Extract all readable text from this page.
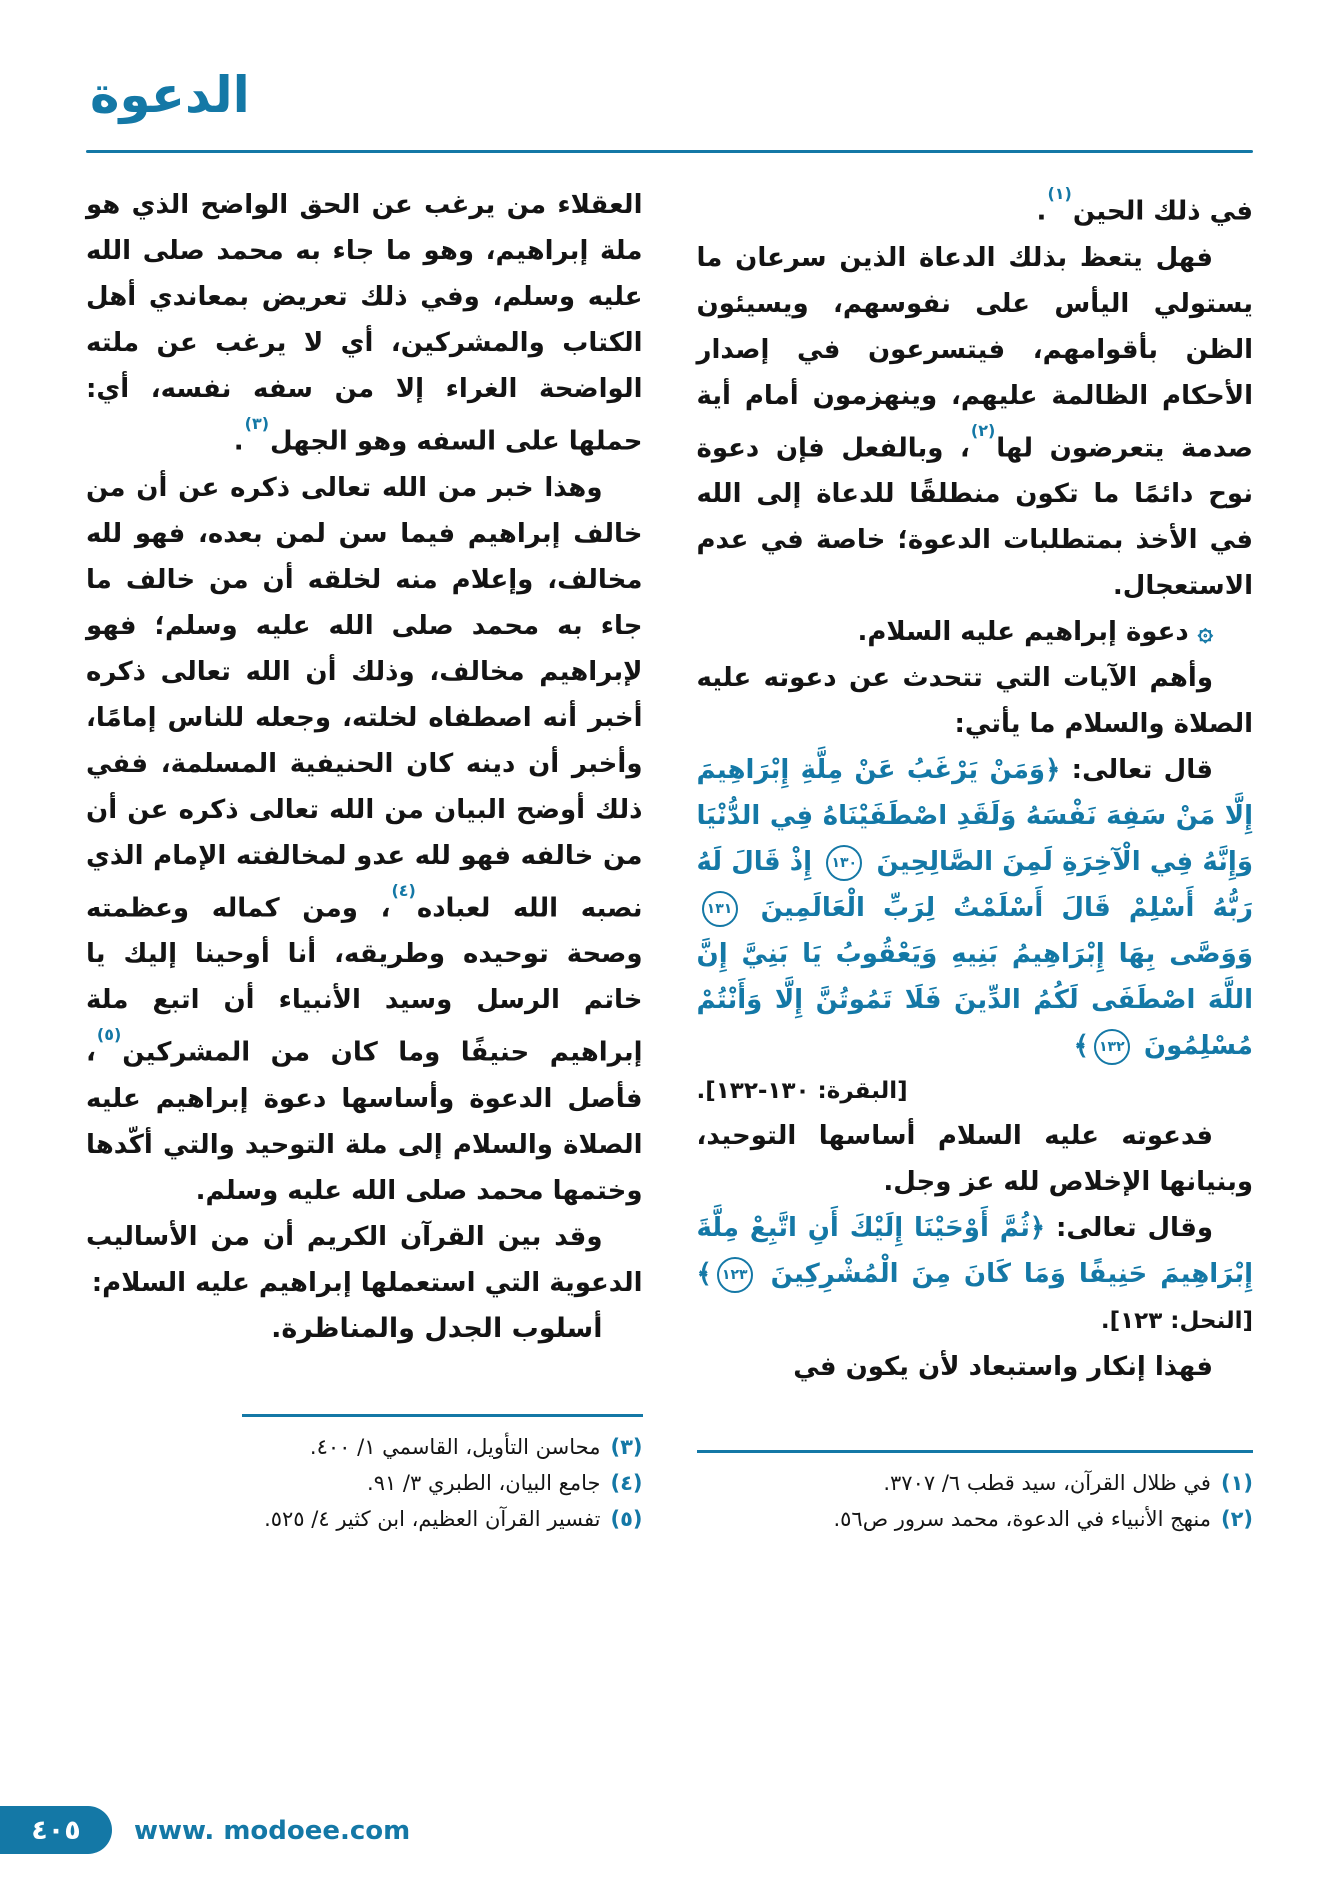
الدعوة

في ذلك الحين$^{(١)}$.

فهل يتعظ بذلك الدعاة الذين سرعان ما يستولي اليأس على نفوسهم، ويسيئون الظن بأقوامهم، فيتسرعون في إصدار الأحكام الظالمة عليهم، وينهزمون أمام أية صدمة يتعرضون لها$^{(٢)}$، وبالفعل فإن دعوة نوح دائمًا ما تكون منطلقًا للدعاة إلى الله في الأخذ بمتطلبات الدعوة؛ خاصة في عدم الاستعجال.

۞ دعوة إبراهيم عليه السلام.

وأهم الآيات التي تتحدث عن دعوته عليه الصلاة والسلام ما يأتي:

قال تعالى: ﴿وَمَنْ يَرْغَبُ عَنْ مِلَّةِ إِبْرَاهِيمَ إِلَّا مَنْ سَفِهَ نَفْسَهُ وَلَقَدِ اصْطَفَيْنَاهُ فِي الدُّنْيَا وَإِنَّهُ فِي الْآخِرَةِ لَمِنَ الصَّالِحِينَ ١٣٠ إِذْ قَالَ لَهُ رَبُّهُ أَسْلِمْ قَالَ أَسْلَمْتُ لِرَبِّ الْعَالَمِينَ ١٣١ وَوَصَّى بِهَا إِبْرَاهِيمُ بَنِيهِ وَيَعْقُوبُ يَا بَنِيَّ إِنَّ اللَّهَ اصْطَفَى لَكُمُ الدِّينَ فَلَا تَمُوتُنَّ إِلَّا وَأَنْتُمْ مُسْلِمُونَ ١٣٢﴾
[البقرة: ١٣٠-١٣٢].

فدعوته عليه السلام أساسها التوحيد، وبنيانها الإخلاص لله عز وجل.

وقال تعالى: ﴿ثُمَّ أَوْحَيْنَا إِلَيْكَ أَنِ اتَّبِعْ مِلَّةَ إِبْرَاهِيمَ حَنِيفًا وَمَا كَانَ مِنَ الْمُشْرِكِينَ ١٢٣﴾ [النحل: ١٢٣].

فهذا إنكار واستبعاد لأن يكون في

(١)
في ظلال القرآن، سيد قطب ٦/ ٣٧٠٧.
(٢)
منهج الأنبياء في الدعوة، محمد سرور ص٥٦.

العقلاء من يرغب عن الحق الواضح الذي هو ملة إبراهيم، وهو ما جاء به محمد صلى الله عليه وسلم، وفي ذلك تعريض بمعاندي أهل الكتاب والمشركين، أي لا يرغب عن ملته الواضحة الغراء إلا من سفه نفسه، أي: حملها على السفه وهو الجهل$^{(٣)}$.

وهذا خبر من الله تعالى ذكره عن أن من خالف إبراهيم فيما سن لمن بعده، فهو لله مخالف، وإعلام منه لخلقه أن من خالف ما جاء به محمد صلى الله عليه وسلم؛ فهو لإبراهيم مخالف، وذلك أن الله تعالى ذكره أخبر أنه اصطفاه لخلته، وجعله للناس إمامًا، وأخبر أن دينه كان الحنيفية المسلمة، ففي ذلك أوضح البيان من الله تعالى ذكره عن أن من خالفه فهو لله عدو لمخالفته الإمام الذي نصبه الله لعباده$^{(٤)}$، ومن كماله وعظمته وصحة توحيده وطريقه، أنا أوحينا إليك يا خاتم الرسل وسيد الأنبياء أن اتبع ملة إبراهيم حنيفًا وما كان من المشركين$^{(٥)}$، فأصل الدعوة وأساسها دعوة إبراهيم عليه الصلاة والسلام إلى ملة التوحيد والتي أكّدها وختمها محمد صلى الله عليه وسلم.

وقد بين القرآن الكريم أن من الأساليب الدعوية التي استعملها إبراهيم عليه السلام:

أسلوب الجدل والمناظرة.

(٣)
محاسن التأويل، القاسمي ١/ ٤٠٠.
(٤)
جامع البيان، الطبري ٣/ ٩١.
(٥)
تفسير القرآن العظيم، ابن كثير ٤/ ٥٢٥.
٤٠٥ www. modoee.com
